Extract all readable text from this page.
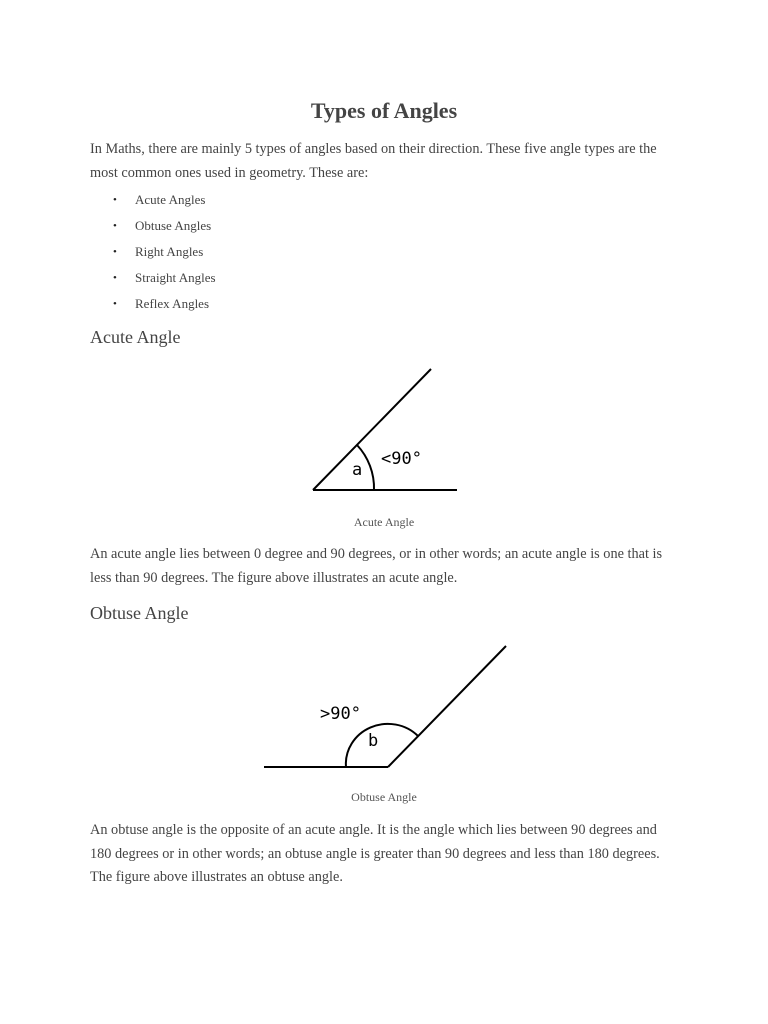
Types of Angles

In Maths, there are mainly 5 types of angles based on their direction. These five angle types are the most common ones used in geometry. These are:

• Acute Angles
• Obtuse Angles
• Right Angles
• Straight Angles
• Reflex Angles
Acute Angle
a
<90°
Acute Angle

An acute angle lies between 0 degree and 90 degrees, or in other words; an acute angle is one that is less than 90 degrees. The figure above illustrates an acute angle.

Obtuse Angle
b
>90°
Obtuse Angle

An obtuse angle is the opposite of an acute angle. It is the angle which lies between 90 degrees and 180 degrees or in other words; an obtuse angle is greater than 90 degrees and less than 180 degrees. The figure above illustrates an obtuse angle.
